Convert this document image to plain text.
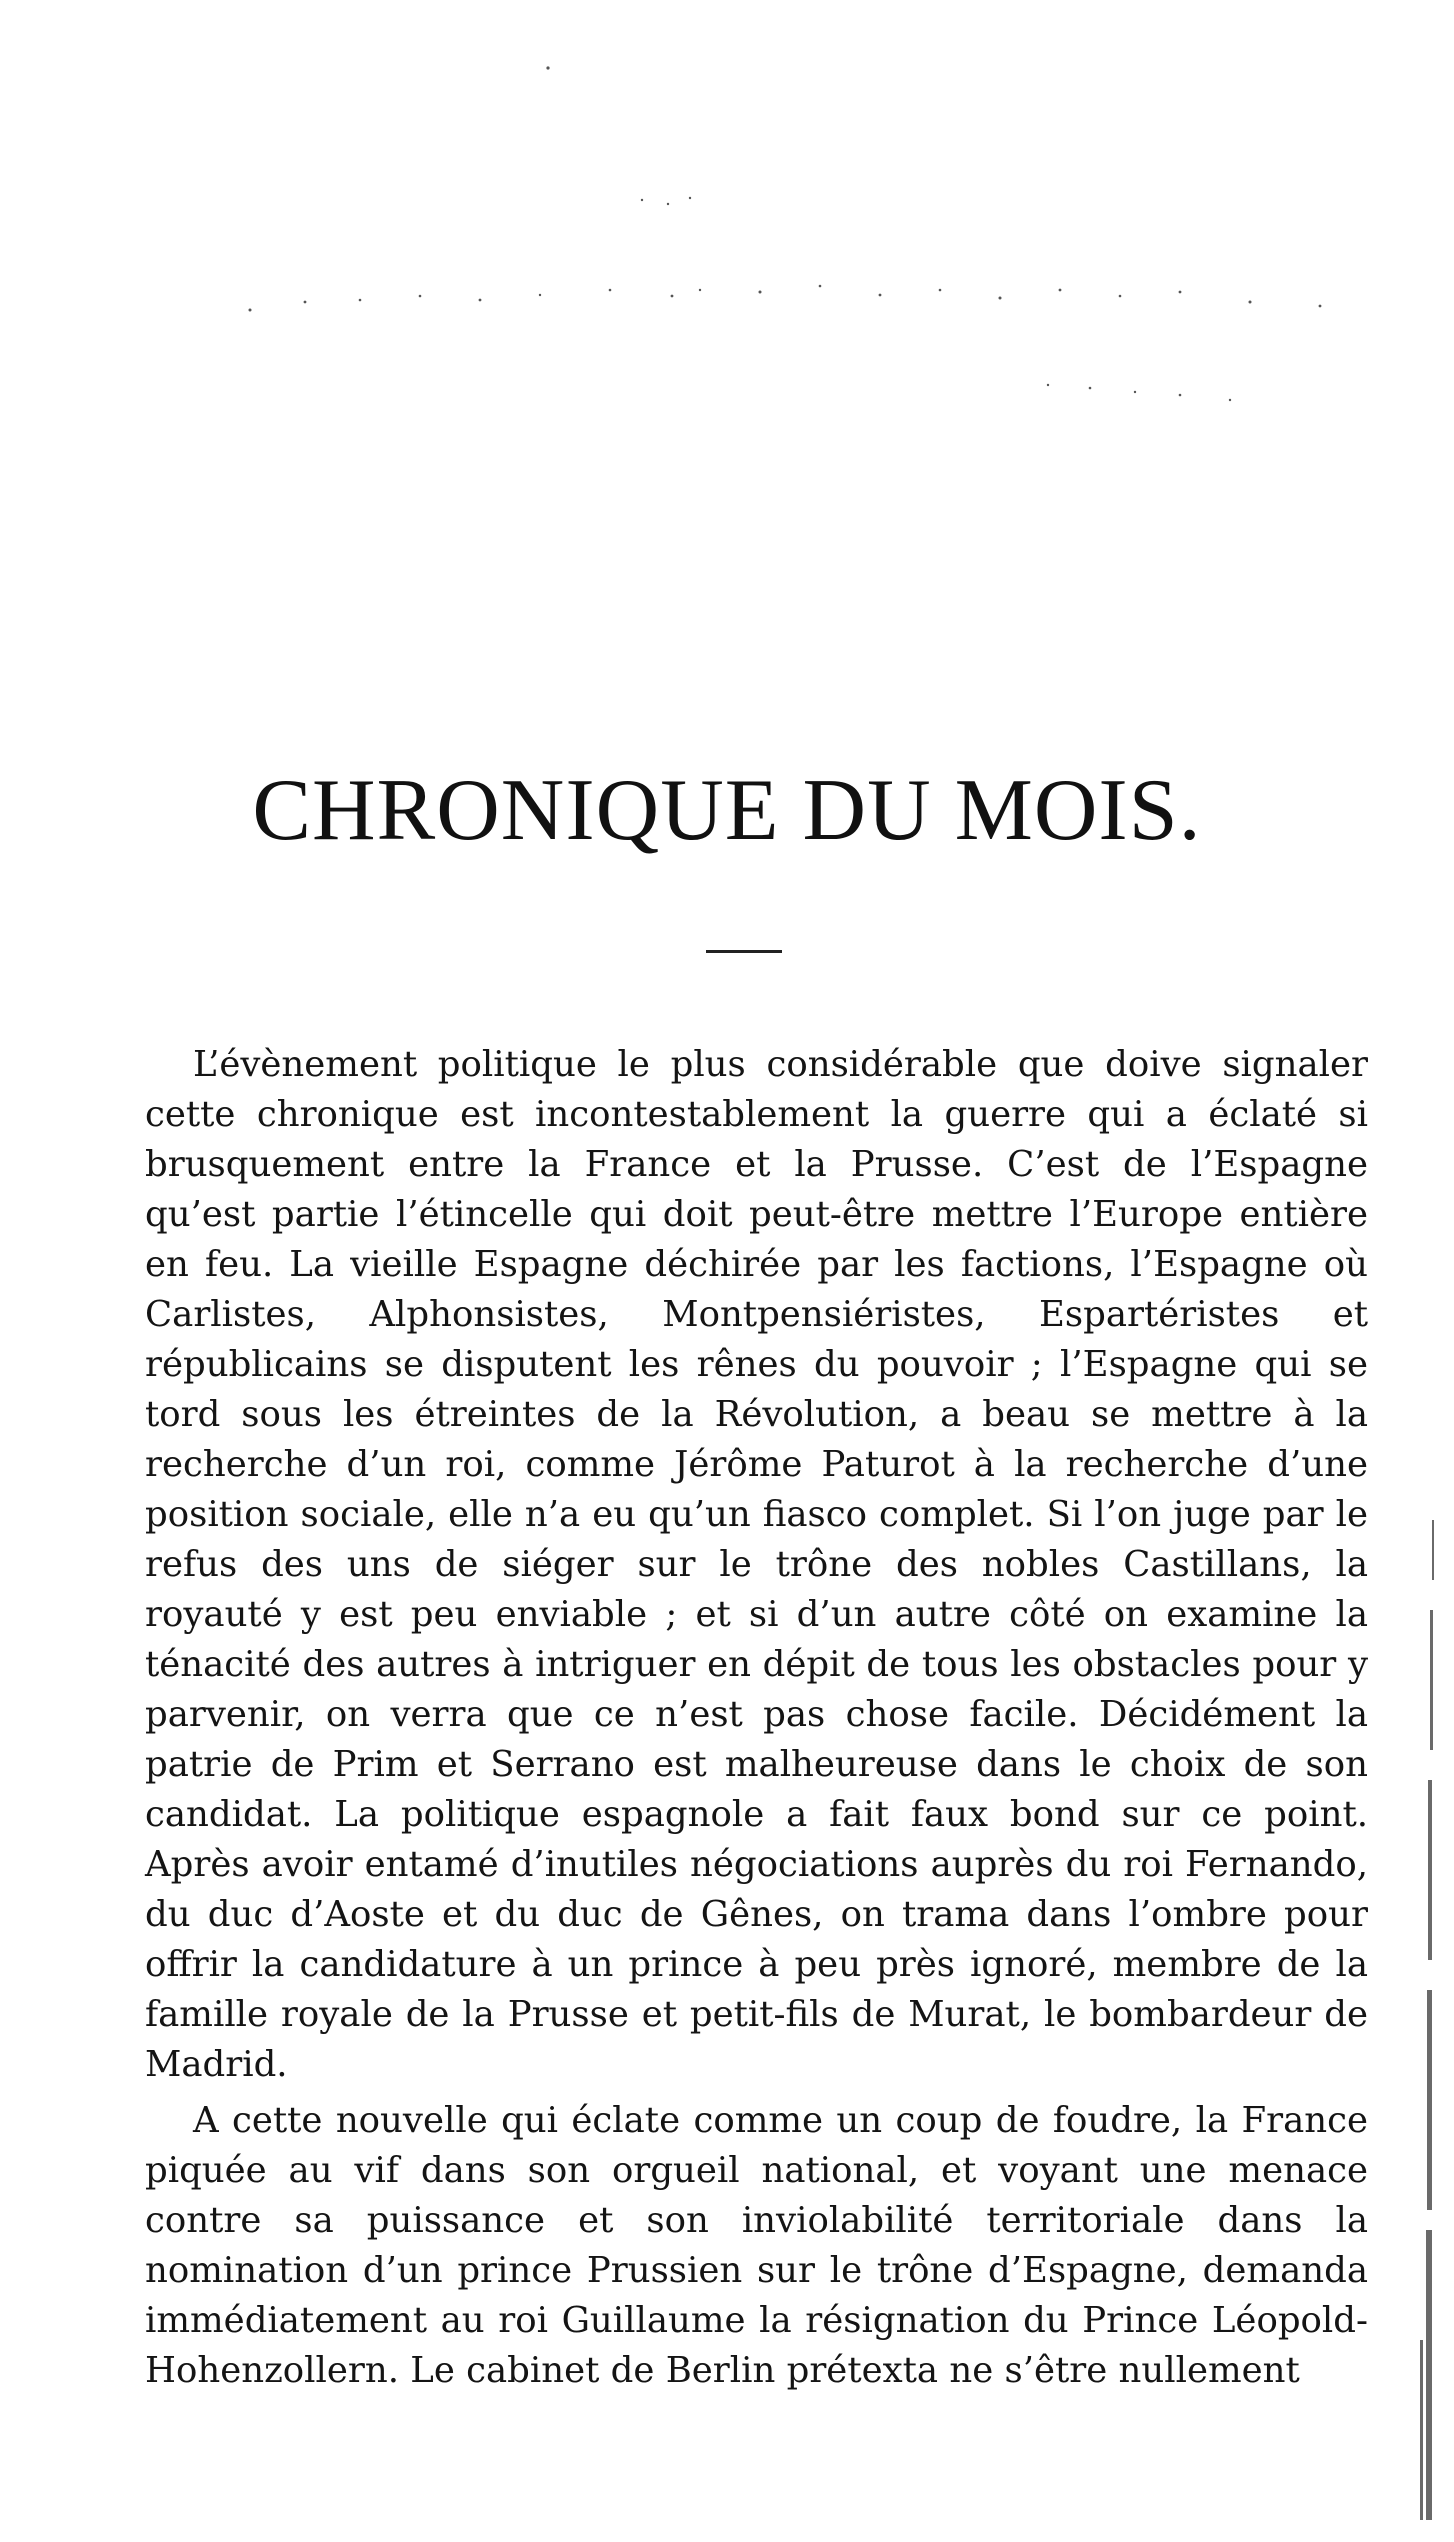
CHRONIQUE DU MOIS.

L’évènement politique le plus considérable que doive signaler cette chronique est incontestablement la guerre qui a éclaté si brusquement entre la France et la Prusse. C’est de l’Espagne qu’est partie l’étincelle qui doit peut-être mettre l’Europe entière en feu. La vieille Espagne déchirée par les factions, l’Espagne où Carlistes, Alphonsistes, Montpensiéristes, Espartéristes et républicains se disputent les rênes du pouvoir ; l’Espagne qui se tord sous les étreintes de la Révolution, a beau se mettre à la recherche d’un roi, comme Jérôme Paturot à la recherche d’une position sociale, elle n’a eu qu’un fiasco complet. Si l’on juge par le refus des uns de siéger sur le trône des nobles Castillans, la royauté y est peu enviable ; et si d’un autre côté on examine la ténacité des autres à intriguer en dépit de tous les obstacles pour y parvenir, on verra que ce n’est pas chose facile. Décidément la patrie de Prim et Serrano est malheureuse dans le choix de son candidat. La politique espagnole a fait faux bond sur ce point. Après avoir entamé d’inutiles négociations auprès du roi Fernando, du duc d’Aoste et du duc de Gênes, on trama dans l’ombre pour offrir la candidature à un prince à peu près ignoré, membre de la famille royale de la Prusse et petit-fils de Murat, le bombardeur de Madrid.

A cette nouvelle qui éclate comme un coup de foudre, la France piquée au vif dans son orgueil national, et voyant une menace contre sa puissance et son inviolabilité territoriale dans la nomination d’un prince Prussien sur le trône d’Espagne, demanda immédiatement au roi Guillaume la résignation du Prince Léopold-Hohenzollern. Le cabinet de Berlin prétexta ne s’être nullement
